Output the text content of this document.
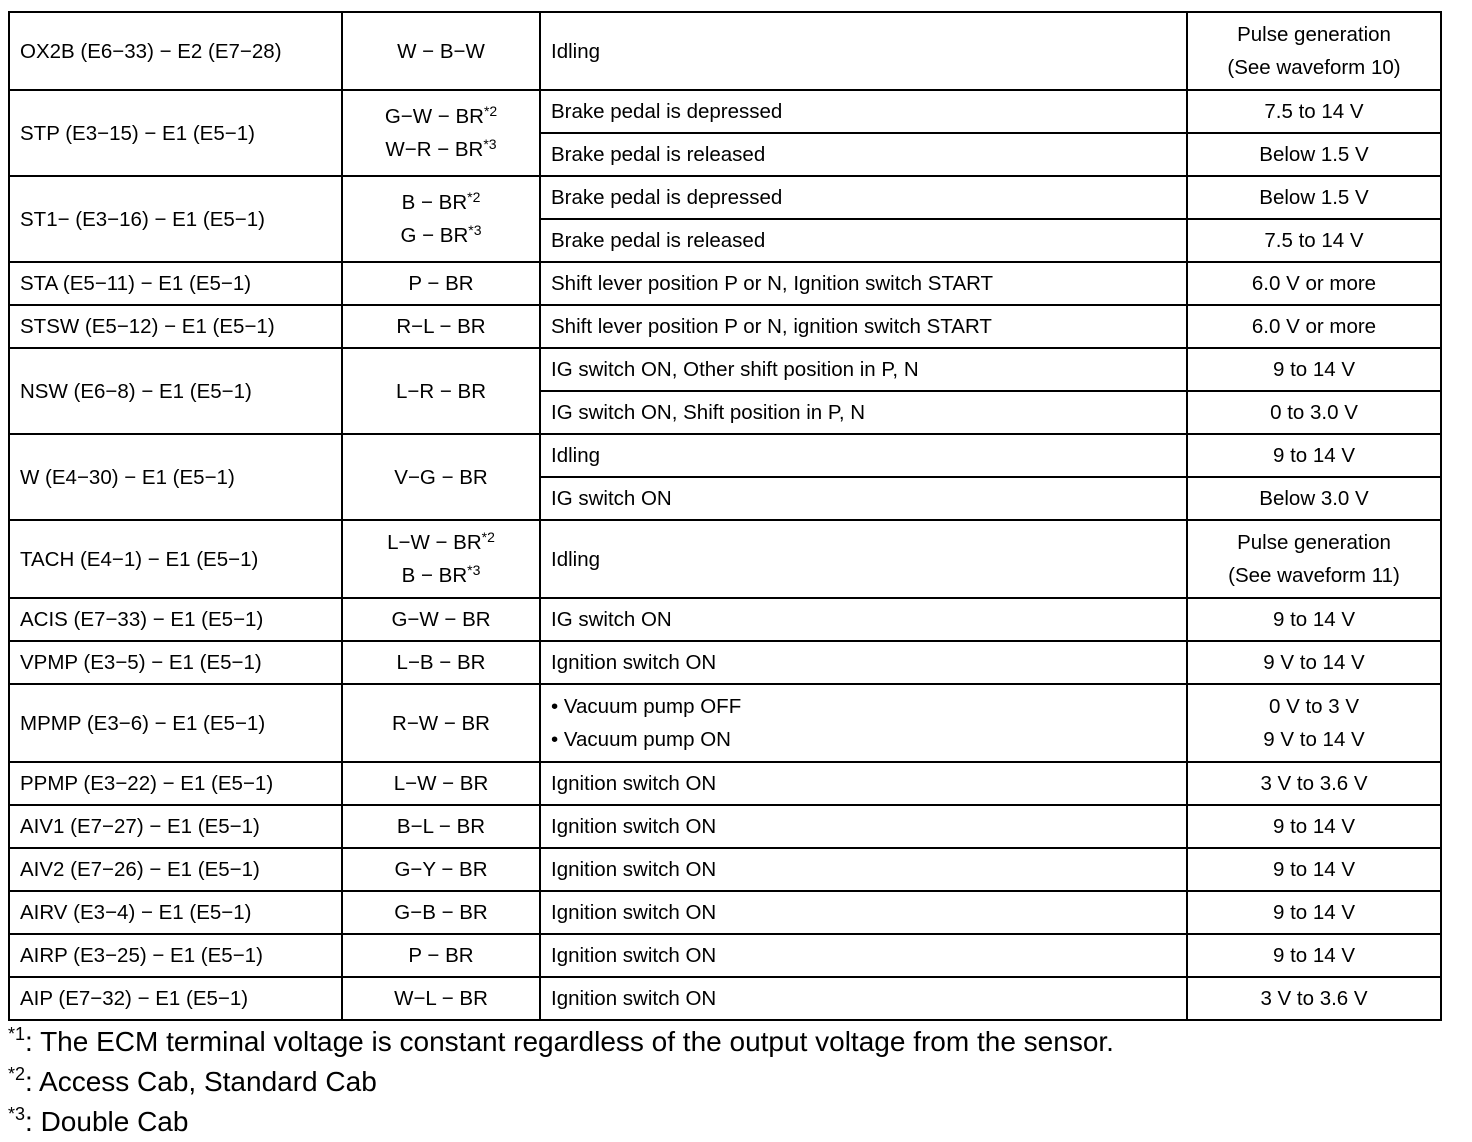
OX2B (E6−33) − E2 (E7−28)	W − B−W	Idling	Pulse generation
(See waveform 10)

STP (E3−15) − E1 (E5−1)	$G-W - BR^{*2}$
$W-R - BR^{*3}$	Brake pedal is depressed	7.5 to 14 V

		Brake pedal is released	Below 1.5 V

ST1− (E3−16) − E1 (E5−1)	$B - BR^{*2}$
$G - BR^{*3}$	Brake pedal is depressed	Below 1.5 V

		Brake pedal is released	7.5 to 14 V

STA (E5−11) − E1 (E5−1)	P − BR	Shift lever position P or N, Ignition switch START	6.0 V or more

STSW (E5−12) − E1 (E5−1)	R−L − BR	Shift lever position P or N, ignition switch START	6.0 V or more

NSW (E6−8) − E1 (E5−1)	L−R − BR	IG switch ON, Other shift position in P, N	9 to 14 V

		IG switch ON, Shift position in P, N	0 to 3.0 V

W (E4−30) − E1 (E5−1)	V−G − BR	Idling	9 to 14 V

		IG switch ON	Below 3.0 V

TACH (E4−1) − E1 (E5−1)	$L-W - BR^{*2}$
$B - BR^{*3}$	Idling	Pulse generation
(See waveform 11)

ACIS (E7−33) − E1 (E5−1)	G−W − BR	IG switch ON	9 to 14 V

VPMP (E3−5) − E1 (E5−1)	L−B − BR	Ignition switch ON	9 V to 14 V

MPMP (E3−6) − E1 (E5−1)	R−W − BR	• Vacuum pump OFF
• Vacuum pump ON	0 V to 3 V
9 V to 14 V

PPMP (E3−22) − E1 (E5−1)	L−W − BR	Ignition switch ON	3 V to 3.6 V

AIV1 (E7−27) − E1 (E5−1)	B−L − BR	Ignition switch ON	9 to 14 V

AIV2 (E7−26) − E1 (E5−1)	G−Y − BR	Ignition switch ON	9 to 14 V

AIRV (E3−4) − E1 (E5−1)	G−B − BR	Ignition switch ON	9 to 14 V

AIRP (E3−25) − E1 (E5−1)	P − BR	Ignition switch ON	9 to 14 V

AIP (E7−32) − E1 (E5−1)	W−L − BR	Ignition switch ON	3 V to 3.6 V
$^{*1}$: The ECM terminal voltage is constant regardless of the output voltage from the sensor.
$^{*2}$: Access Cab, Standard Cab
$^{*3}$: Double Cab
